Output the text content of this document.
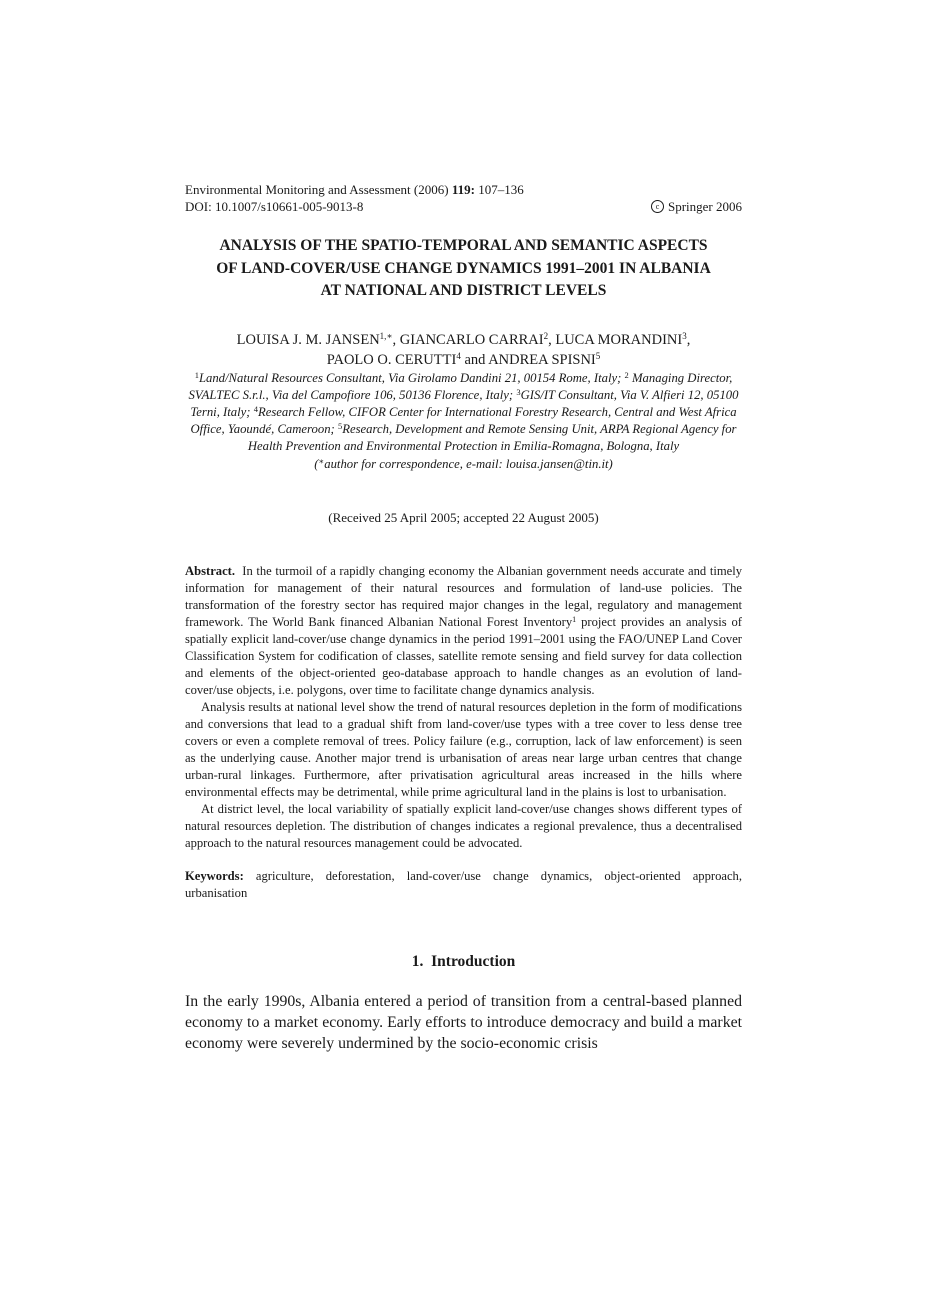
Environmental Monitoring and Assessment (2006) 119: 107–136
DOI: 10.1007/s10661-005-9013-8	c Springer 2006
ANALYSIS OF THE SPATIO-TEMPORAL AND SEMANTIC ASPECTS
OF LAND-COVER/USE CHANGE DYNAMICS 1991–2001 IN ALBANIA
AT NATIONAL AND DISTRICT LEVELS
LOUISA J. M. $JANSEN^{1,∗}$, GIANCARLO CARRAI$^2$, LUCA MORANDINI$^3$,
PAOLO O. CERUTTI$^4$ and ANDREA SPISNI$^5$
$^1$Land/Natural Resources Consultant, Via Girolamo Dandini 21, 00154 Rome, Italy; $^2$ Managing Director, SVALTEC S.r.l., Via del Campofiore 106, 50136 Florence, Italy; $^3$GIS/IT Consultant, Via V. Alfieri 12, 05100 Terni, Italy; $^4$Research Fellow, CIFOR Center for International Forestry Research, Central and West Africa Office, Yaoundé, Cameroon; $^5$Research, Development and Remote Sensing Unit, ARPA Regional Agency for Health Prevention and Environmental Protection in Emilia-Romagna, Bologna, Italy
(∗author for correspondence, e-mail: louisa.jansen@tin.it)
(Received 25 April 2005; accepted 22 August 2005)

Abstract. In the turmoil of a rapidly changing economy the Albanian government needs accurate and timely information for management of their natural resources and formulation of land-use policies. The transformation of the forestry sector has required major changes in the legal, regulatory and management framework. The World Bank financed Albanian National Forest Inventory$^1$ project provides an analysis of spatially explicit land-cover/use change dynamics in the period 1991–2001 using the FAO/UNEP Land Cover Classification System for codification of classes, satellite remote sensing and field survey for data collection and elements of the object-oriented geo-database approach to handle changes as an evolution of land-cover/use objects, i.e. polygons, over time to facilitate change dynamics analysis.

Analysis results at national level show the trend of natural resources depletion in the form of modifications and conversions that lead to a gradual shift from land-cover/use types with a tree cover to less dense tree covers or even a complete removal of trees. Policy failure (e.g., corruption, lack of law enforcement) is seen as the underlying cause. Another major trend is urbanisation of areas near large urban centres that change urban-rural linkages. Furthermore, after privatisation agricultural areas increased in the hills where environmental effects may be detrimental, while prime agricultural land in the plains is lost to urbanisation.

At district level, the local variability of spatially explicit land-cover/use changes shows different types of natural resources depletion. The distribution of changes indicates a regional prevalence, thus a decentralised approach to the natural resources management could be advocated.

Keywords: agriculture, deforestation, land-cover/use change dynamics, object-oriented approach, urbanisation
1.  Introduction

In the early 1990s, Albania entered a period of transition from a central-based planned economy to a market economy. Early efforts to introduce democracy and build a market economy were severely undermined by the socio-economic crisis
